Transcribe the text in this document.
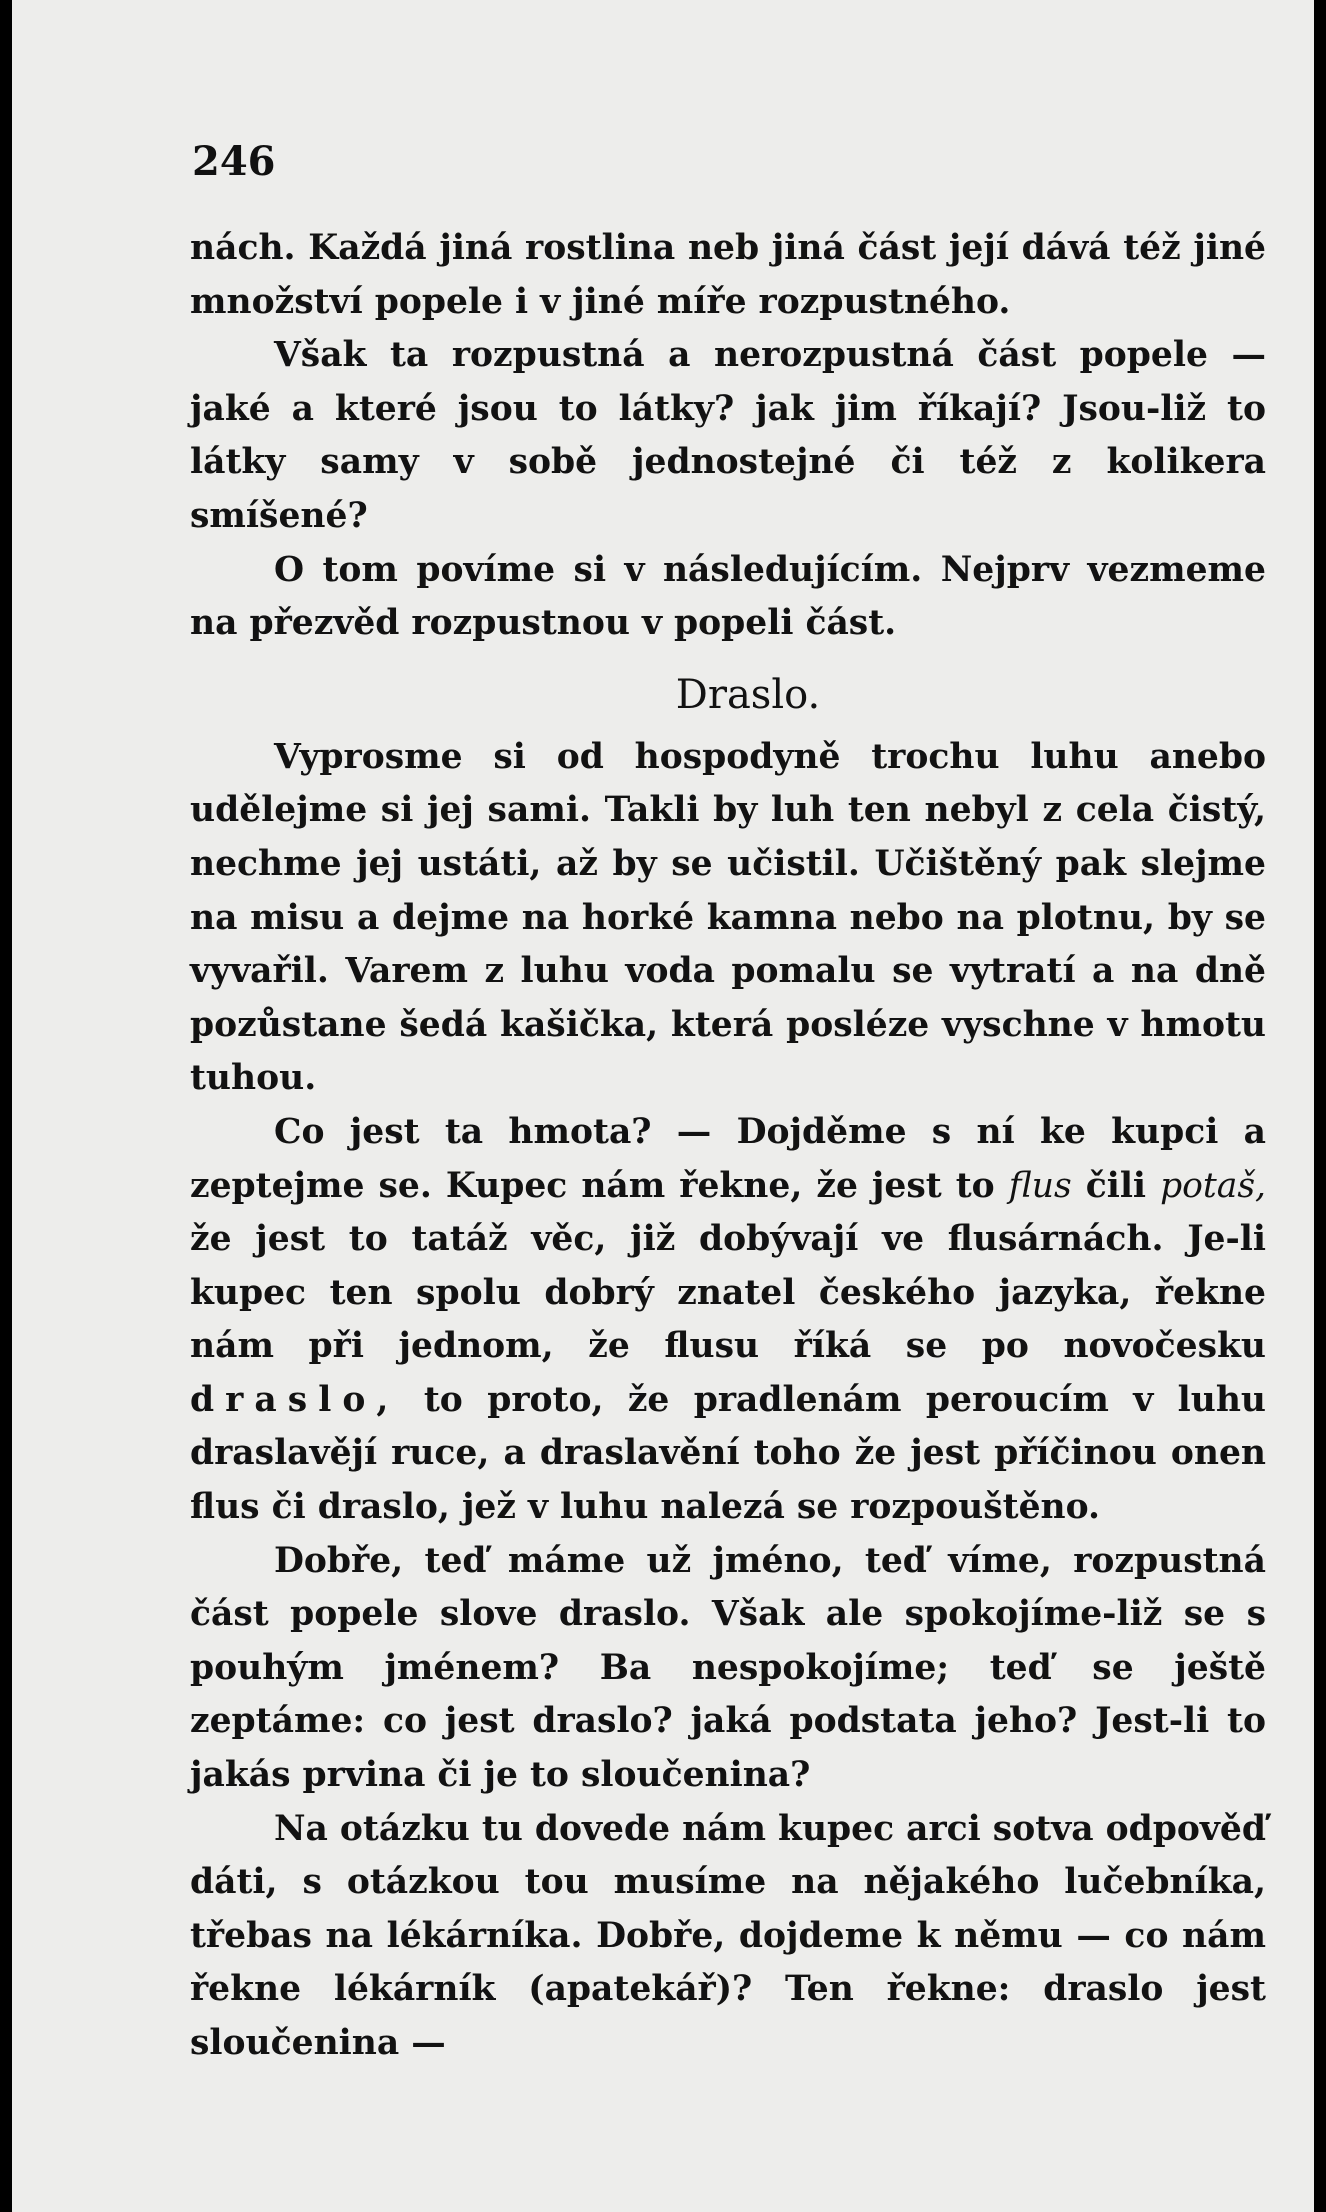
246

nách. Každá jiná rostlina neb jiná část její dává též jiné množství popele i v jiné míře rozpustného.

Však ta rozpustná a nerozpustná část popele — jaké a které jsou to látky? jak jim říkají? Jsou-liž to látky samy v sobě jednostejné či též z kolikera smíšené?

O tom povíme si v následujícím. Nejprv vezmeme na přezvěd rozpustnou v popeli část.

Draslo.

Vyprosme si od hospodyně trochu luhu anebo udělejme si jej sami. Takli by luh ten nebyl z cela čistý, nechme jej ustáti, až by se učistil. Učištěný pak slejme na misu a dejme na horké kamna nebo na plotnu, by se vyvařil. Varem z luhu voda pomalu se vytratí a na dně pozůstane šedá kašička, která posléze vyschne v hmotu tuhou.

Co jest ta hmota? — Dojděme s ní ke kupci a zeptejme se. Kupec nám řekne, že jest to flus čili potaš, že jest to tatáž věc, již dobývají ve flusárnách. Je-li kupec ten spolu dobrý znatel českého jazyka, řekne nám při jednom, že flusu říká se po novočesku draslo, to proto, že pradlenám peroucím v luhu draslavějí ruce, a draslavění toho že jest příčinou onen flus či draslo, jež v luhu nalezá se rozpouštěno.

Dobře, teď máme už jméno, teď víme, rozpustná část popele slove draslo. Však ale spokojíme-liž se s pouhým jménem? Ba nespokojíme; teď se ještě zeptáme: co jest draslo? jaká podstata jeho? Jest-li to jakás prvina či je to sloučenina?

Na otázku tu dovede nám kupec arci sotva odpověď dáti, s otázkou tou musíme na nějakého lučebníka, třebas na lékárníka. Dobře, dojdeme k němu — co nám řekne lékárník (apatekář)? Ten řekne: draslo jest sloučenina —
